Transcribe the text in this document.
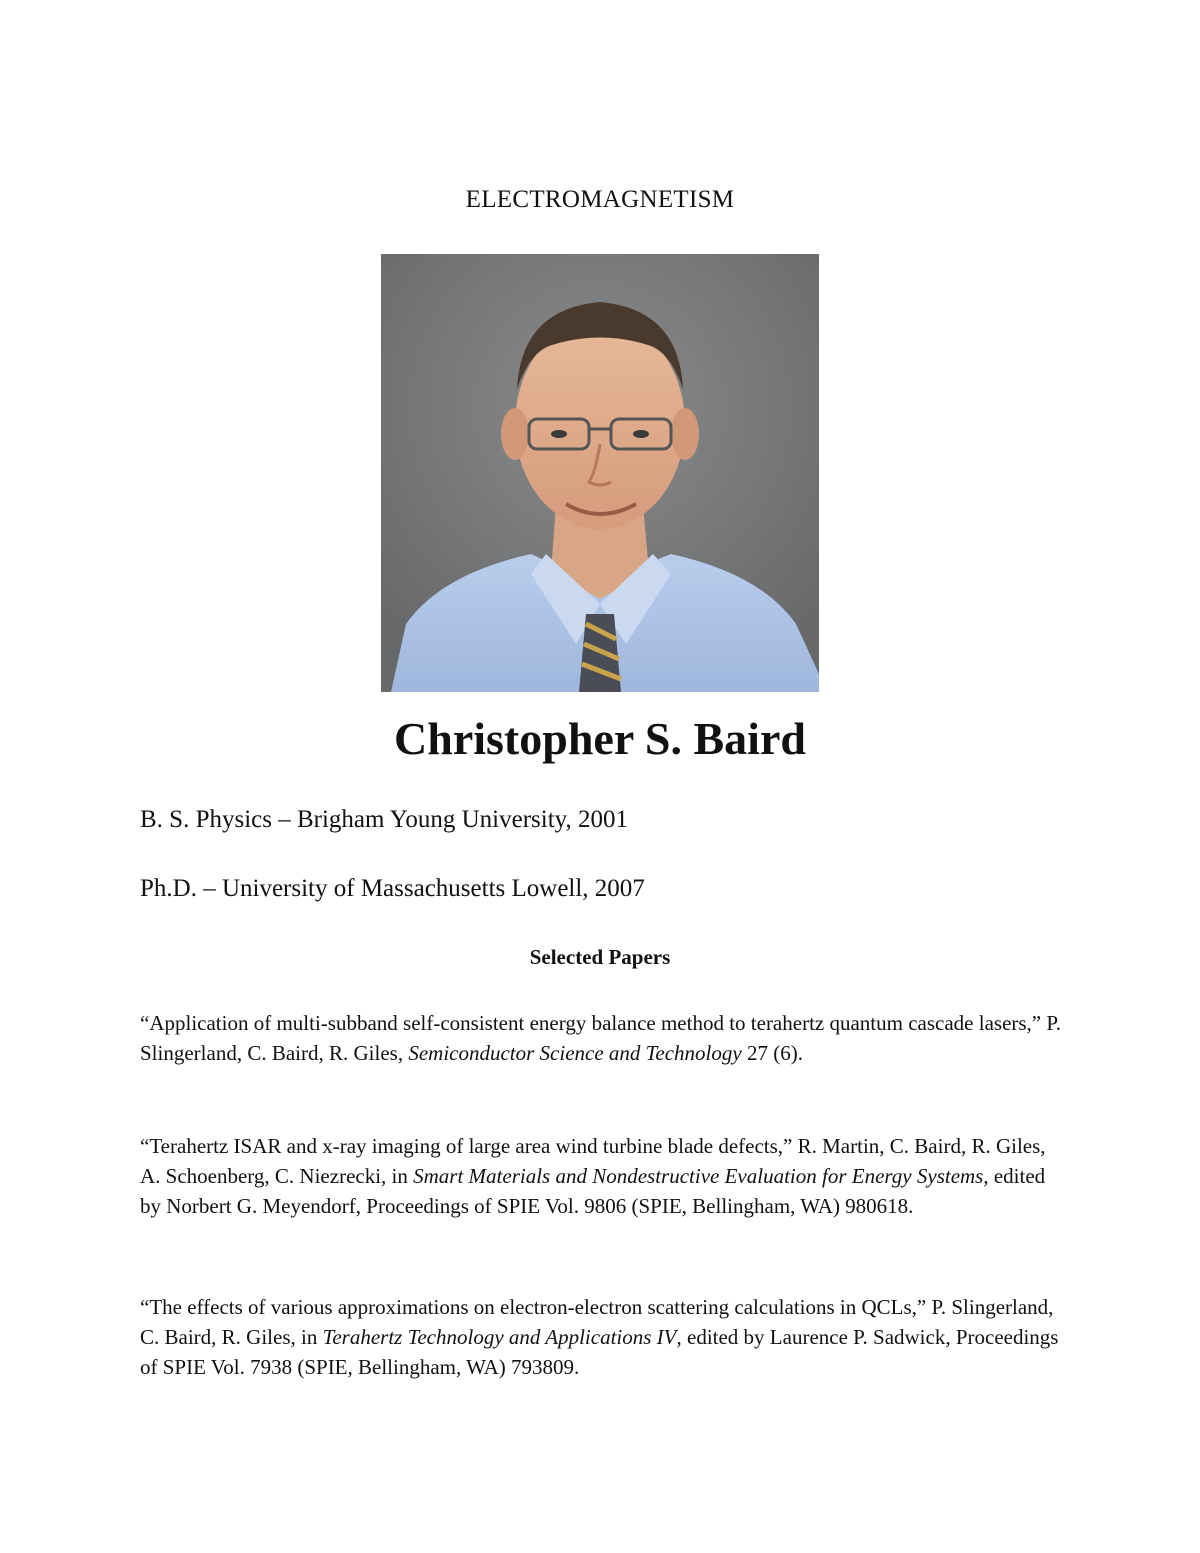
ELECTROMAGNETISM
Christopher S. Baird
B. S. Physics – Brigham Young University, 2001
Ph.D. – University of Massachusetts Lowell, 2007
Selected Papers
“Application of multi-subband self-consistent energy balance method to terahertz quantum cascade lasers,” P. Slingerland, C. Baird, R. Giles, Semiconductor Science and Technology 27 (6).
“Terahertz ISAR and x-ray imaging of large area wind turbine blade defects,” R. Martin, C. Baird, R. Giles, A. Schoenberg, C. Niezrecki, in Smart Materials and Nondestructive Evaluation for Energy Systems, edited by Norbert G. Meyendorf, Proceedings of SPIE Vol. 9806 (SPIE, Bellingham, WA) 980618.
“The effects of various approximations on electron-electron scattering calculations in QCLs,” P. Slingerland, C. Baird, R. Giles, in Terahertz Technology and Applications IV, edited by Laurence P. Sadwick, Proceedings of SPIE Vol. 7938 (SPIE, Bellingham, WA) 793809.
